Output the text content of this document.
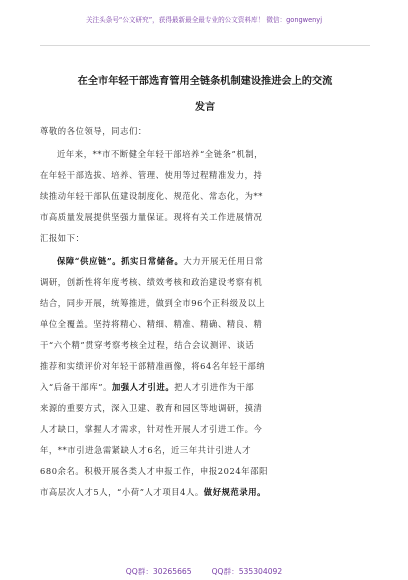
关注头条号“公文研究”，获得最新最全最专业的公文资料库！ 微信：gongwenyj
在全市年轻干部选育管用全链条机制建设推进会上的交流
发言
尊敬的各位领导，同志们：
近年来，**市不断健全年轻干部培养“全链条”机制，
在年轻干部选拔、培养、管理、使用等过程精准发力，持
续推动年轻干部队伍建设制度化、规范化、常态化，为**
市高质量发展提供坚强力量保证。现将有关工作进展情况
汇报如下：
保障“供应链”。抓实日常储备。大力开展无任用日常
调研，创新性将年度考核、绩效考核和政治建设考察有机
结合，同步开展，统筹推进，做到全市96个正科级及以上
单位全覆盖。坚持将精心、精细、精准、精确、精良、精
干“六个精”贯穿考察考核全过程，结合会议测评、谈话
推荐和实绩评价对年轻干部精准画像，将64名年轻干部纳
入“后备干部库”。加强人才引进。把人才引进作为干部
来源的重要方式，深入卫建、教育和园区等地调研，摸清
人才缺口，掌握人才需求，针对性开展人才引进工作。今
年，**市引进急需紧缺人才6名，近三年共计引进人才
680余名。积极开展各类人才申报工作，申报2024年邵阳
市高层次人才5人，“小荷”人才项目4人。做好规范录用。
QQ群：30265665	QQ群：535304092
